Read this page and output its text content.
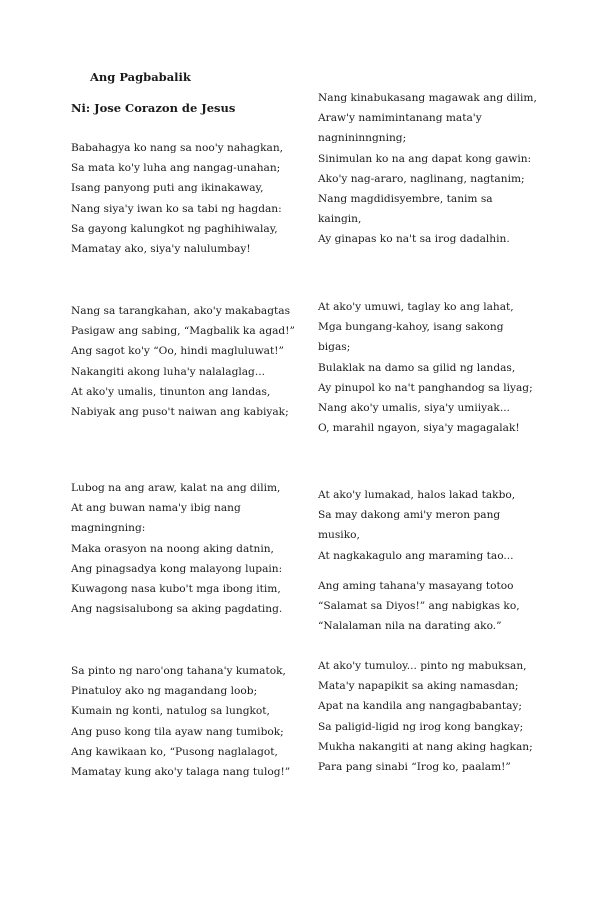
Ang Pagbabalik
Ni: Jose Corazon de Jesus
Babahagya ko nang sa noo'y nahagkan,
Sa mata ko'y luha ang nangag-unahan;
Isang panyong puti ang ikinakaway,
Nang siya'y iwan ko sa tabi ng hagdan:
Sa gayong kalungkot ng paghihiwalay,
Mamatay ako, siya'y nalulumbay!
Nang sa tarangkahan, ako'y makabagtas
Pasigaw ang sabing, “Magbalik ka agad!”
Ang sagot ko'y “Oo, hindi magluluwat!”
Nakangiti akong luha'y nalalaglag...
At ako'y umalis, tinunton ang landas,
Nabiyak ang puso't naiwan ang kabiyak;
Lubog na ang araw, kalat na ang dilim,
At ang buwan nama'y ibig nang
magningning:
Maka orasyon na noong aking datnin,
Ang pinagsadya kong malayong lupain:
Kuwagong nasa kubo't mga ibong itim,
Ang nagsisalubong sa aking pagdating.
Sa pinto ng naro'ong tahana'y kumatok,
Pinatuloy ako ng magandang loob;
Kumain ng konti, natulog sa lungkot,
Ang puso kong tila ayaw nang tumibok;
Ang kawikaan ko, “Pusong naglalagot,
Mamatay kung ako'y talaga nang tulog!”
Nang kinabukasang magawak ang dilim,
Araw'y namimintanang mata'y
nagnininngning;
Sinimulan ko na ang dapat kong gawin:
Ako'y nag-araro, naglinang, nagtanim;
Nang magdidisyembre, tanim sa
kaingin,
Ay ginapas ko na't sa irog dadalhin.
At ako'y umuwi, taglay ko ang lahat,
Mga bungang-kahoy, isang sakong
bigas;
Bulaklak na damo sa gilid ng landas,
Ay pinupol ko na't panghandog sa liyag;
Nang ako'y umalis, siya'y umiiyak...
O, marahil ngayon, siya'y magagalak!
At ako'y lumakad, halos lakad takbo,
Sa may dakong ami'y meron pang
musiko,
At nagkakagulo ang maraming tao...
Ang aming tahana'y masayang totoo
“Salamat sa Diyos!” ang nabigkas ko,
“Nalalaman nila na darating ako.”
At ako'y tumuloy... pinto ng mabuksan,
Mata'y napapikit sa aking namasdan;
Apat na kandila ang nangagbabantay;
Sa paligid-ligid ng irog kong bangkay;
Mukha nakangiti at nang aking hagkan;
Para pang sinabi “Irog ko, paalam!”
